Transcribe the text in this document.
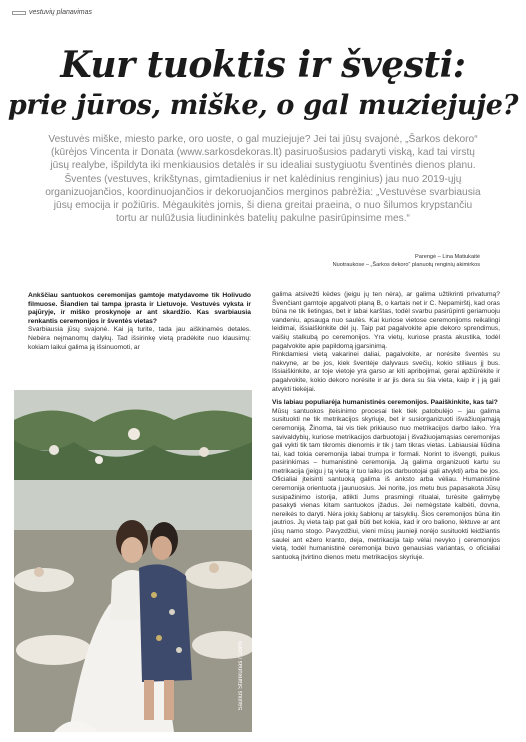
vestuvių planavimas
Kur tuoktis ir švęsti:
prie jūros, miške, o gal muziejuje?

Vestuvės miške, miesto parke, oro uoste, o gal muziejuje? Jei tai jūsų svajonė, „Šarkos dekoro“ (kūrėjos Vincenta ir Donata (www.sarkosdekoras.lt) pasiruošusios padaryti viską, kad tai virstų jūsų realybe, išpildyta iki menkiausios detalės ir su idealiai sustygiuotu šventinės dienos planu. Šventes (vestuves, krikštynas, gimtadienius ir net kalėdinius renginius) jau nuo 2019-ųjų organizuojančios, koordinuojančios ir dekoruojančios merginos pabrėžia: „Vestuvėse svarbiausia jūsų emocija ir požiūris. Mėgaukitės jomis, ši diena greitai praeina, o nuo šilumos krypstančiu tortu ar nulūžusia liudininkės batelių pakulne pasirūpinsime mes.“

Parengė – Lina Matiukaitė
Nuotraukose – „Šarkos dekoro“ planuotų renginių akimirkos

Ankščiau santuokos ceremonijas gamtoje matydavome tik Holivudo filmuose. Šiandien tai tampa įprasta ir Lietuvoje. Vestuvės vyksta ir pajūryje, ir miško proskynoje ar ant skardžio. Kas svarbiausia renkantis ceremonijos ir šventės vietas?

Svarbiausia jūsų svajonė. Kai ją turite, tada jau aiškinamės detales. Nebėra neįmanomų dalykų. Tad išsirinkę vietą pradėkite nuo klausimų: kokiam laikui galima ją išsinuomoti, ar

Saulius Stankūnas / Dorfo

galima atsivežti kėdes (jeigu jų ten nėra), ar galima užtikrinti privatumą? Švenčiant gamtoje apgalvoti planą B, o kartais net ir C. Nepamirštį, kad oras būna ne tik lietingas, bet ir labai karštas, todėl svarbu pasirūpinti geriamuoju vandeniu, apsauga nuo saulės. Kai kuriose vietose ceremonijoms reikalingi leidimai, išsiaiškinkite dėl jų. Taip pat pagalvokite apie dekoro sprendimus, vaišių stalkubą po ceremonijos. Yra vietų, kuriose prasta akustika, todėl pagalvokite apie papildomą įgarsinimą.

Rinkdamiesi vietą vakarinei daliai, pagalvokite, ar norėsite šventės su nakvyne, ar be jos, kiek šventėje dalyvaus svečių, kokio stiliaus jį bus. Išsiaiškinkite, ar toje vietoje yra garso ar kiti apribojimai, gerai apžiūrėkite ir pagalvokite, kokio dekoro norėsite ir ar jis dera su šia vieta, kaip ir į ją gali atvykti tiekėjai.

Vis labiau populiarėja humanistinės ceremonijos. Paaiškinkite, kas tai?

Mūsų santuokos įteisinimo procesai tiek tiek patobulėjo – jau galima susituokti ne tik metrikacijos skyriuje, bet ir susiorganizuoti išvažiuojamąją ceremoniją. Žinoma, tai vis tiek prikiauso nuo metrikacijos darbo laiko. Yra savivaldybių, kuriose metrikacijos darbuotojai į išvažiuojamąsias ceremonijas gali vykti tik tam tikromis dienomis ir tik į tam tikras vietas. Labiausiai liūdina tai, kad tokia ceremonija labai trumpa ir formali. Norint to išvengti, puikus pasirinkimas – humanistinė ceremonija. Ją galima organizuoti kartu su metrikacija (jeigu į tą vietą ir tuo laiku jos darbuotojai gali atvykti) arba be jos. Oficialiai įteisinti santuoką galima iš anksto arba vėliau. Humanistinė ceremonija orientuota į jaunuosius. Jei norite, jos metu bus papasakota Jūsų susipažinimo istorija, atlikti Jums prasmingi ritualai, turėsite galimybę pasakyti vienas kitam santuokos įžadus. Jei nemėgstate kalbėti, dovna, nereikės to daryti. Nėra jokių šablonų ar taisyklių. Šios ceremonijos būna itin jautrios. Jų vieta taip pat gali būti bet kokia, kad ir oro baliono, lėktuve ar ant jūsų namo stogo. Pavyzdžiui, vieni mūsų jaunieji norėjo susituokti leidžiantis saulei ant ežero kranto, deja, metrikacija taip vėlai nevyko į ceremonijos vietą, todėl humanistinė ceremonija buvo genausias variantas, o oficialiai santuoką įtvirtino dienos metu metrikacijos skyriuje.
